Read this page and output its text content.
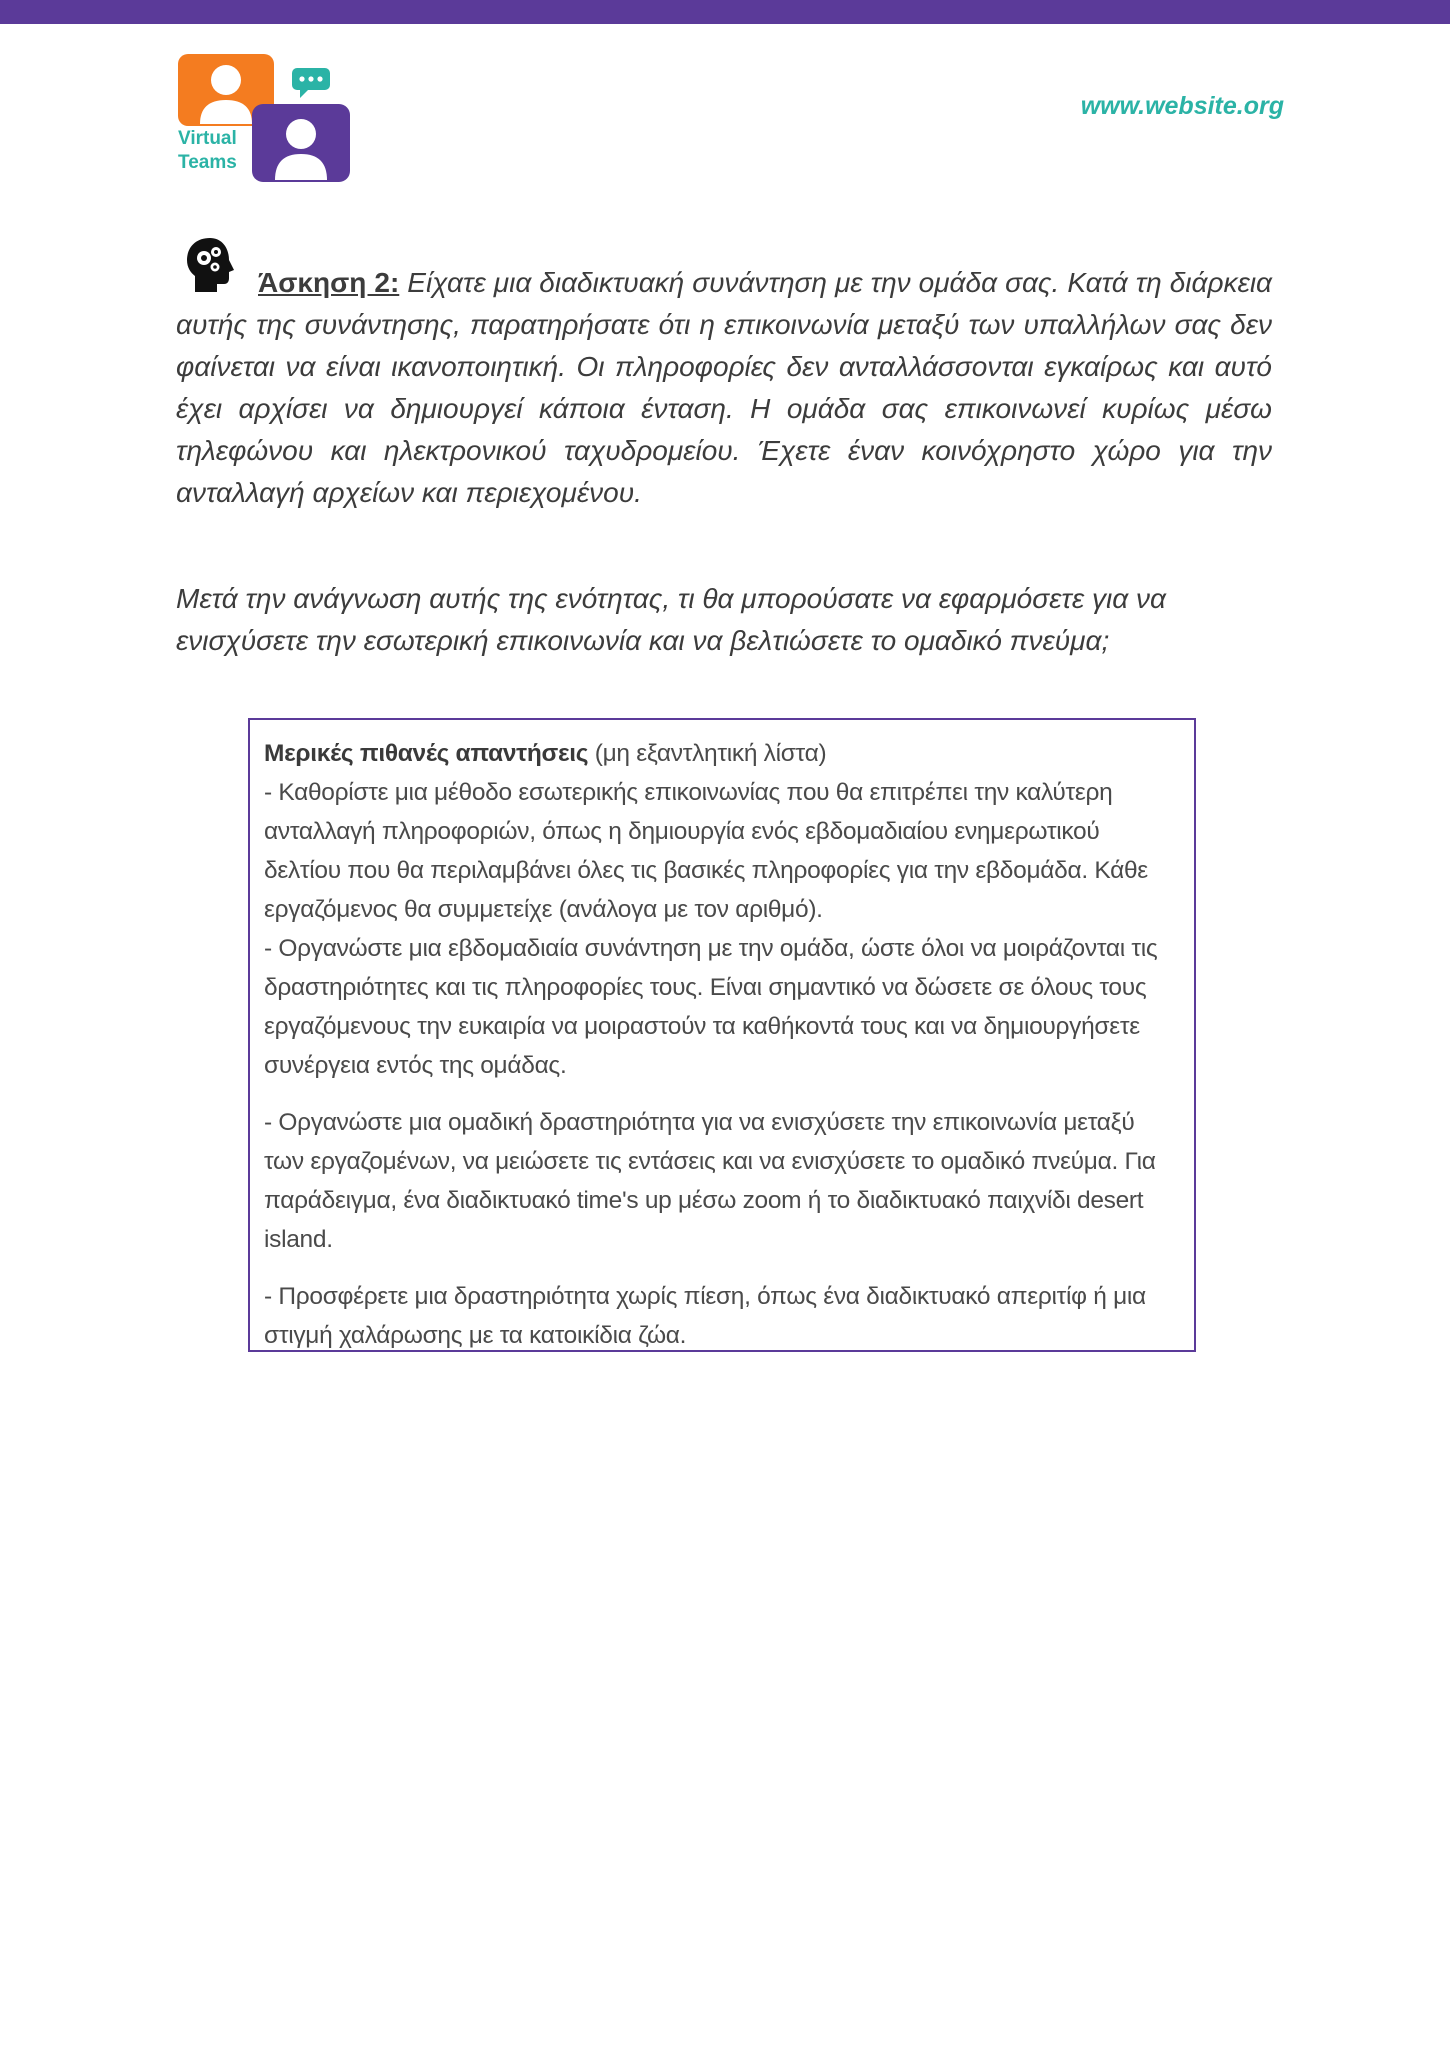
Virtual
Teams
www.website.org

Άσκηση 2: Είχατε μια διαδικτυακή συνάντηση με την ομάδα σας. Κατά τη διάρκεια αυτής της συνάντησης, παρατηρήσατε ότι η επικοινωνία μεταξύ των υπαλλήλων σας δεν φαίνεται να είναι ικανοποιητική. Οι πληροφορίες δεν ανταλλάσσονται εγκαίρως και αυτό έχει αρχίσει να δημιουργεί κάποια ένταση. Η ομάδα σας επικοινωνεί κυρίως μέσω τηλεφώνου και ηλεκτρονικού ταχυδρομείου. Έχετε έναν κοινόχρηστο χώρο για την ανταλλαγή αρχείων και περιεχομένου.

Μετά την ανάγνωση αυτής της ενότητας, τι θα μπορούσατε να εφαρμόσετε για να ενισχύσετε την εσωτερική επικοινωνία και να βελτιώσετε το ομαδικό πνεύμα;

Μερικές πιθανές απαντήσεις (μη εξαντλητική λίστα)

- Καθορίστε μια μέθοδο εσωτερικής επικοινωνίας που θα επιτρέπει την καλύτερη ανταλλαγή πληροφοριών, όπως η δημιουργία ενός εβδομαδιαίου ενημερωτικού δελτίου που θα περιλαμβάνει όλες τις βασικές πληροφορίες για την εβδομάδα. Κάθε εργαζόμενος θα συμμετείχε (ανάλογα με τον αριθμό).

- Οργανώστε μια εβδομαδιαία συνάντηση με την ομάδα, ώστε όλοι να μοιράζονται τις δραστηριότητες και τις πληροφορίες τους. Είναι σημαντικό να δώσετε σε όλους τους εργαζόμενους την ευκαιρία να μοιραστούν τα καθήκοντά τους και να δημιουργήσετε συνέργεια εντός της ομάδας.

- Οργανώστε μια ομαδική δραστηριότητα για να ενισχύσετε την επικοινωνία μεταξύ των εργαζομένων, να μειώσετε τις εντάσεις και να ενισχύσετε το ομαδικό πνεύμα. Για παράδειγμα, ένα διαδικτυακό time's up μέσω zoom ή το διαδικτυακό παιχνίδι desert island.

- Προσφέρετε μια δραστηριότητα χωρίς πίεση, όπως ένα διαδικτυακό απεριτίφ ή μια στιγμή χαλάρωσης με τα κατοικίδια ζώα.
